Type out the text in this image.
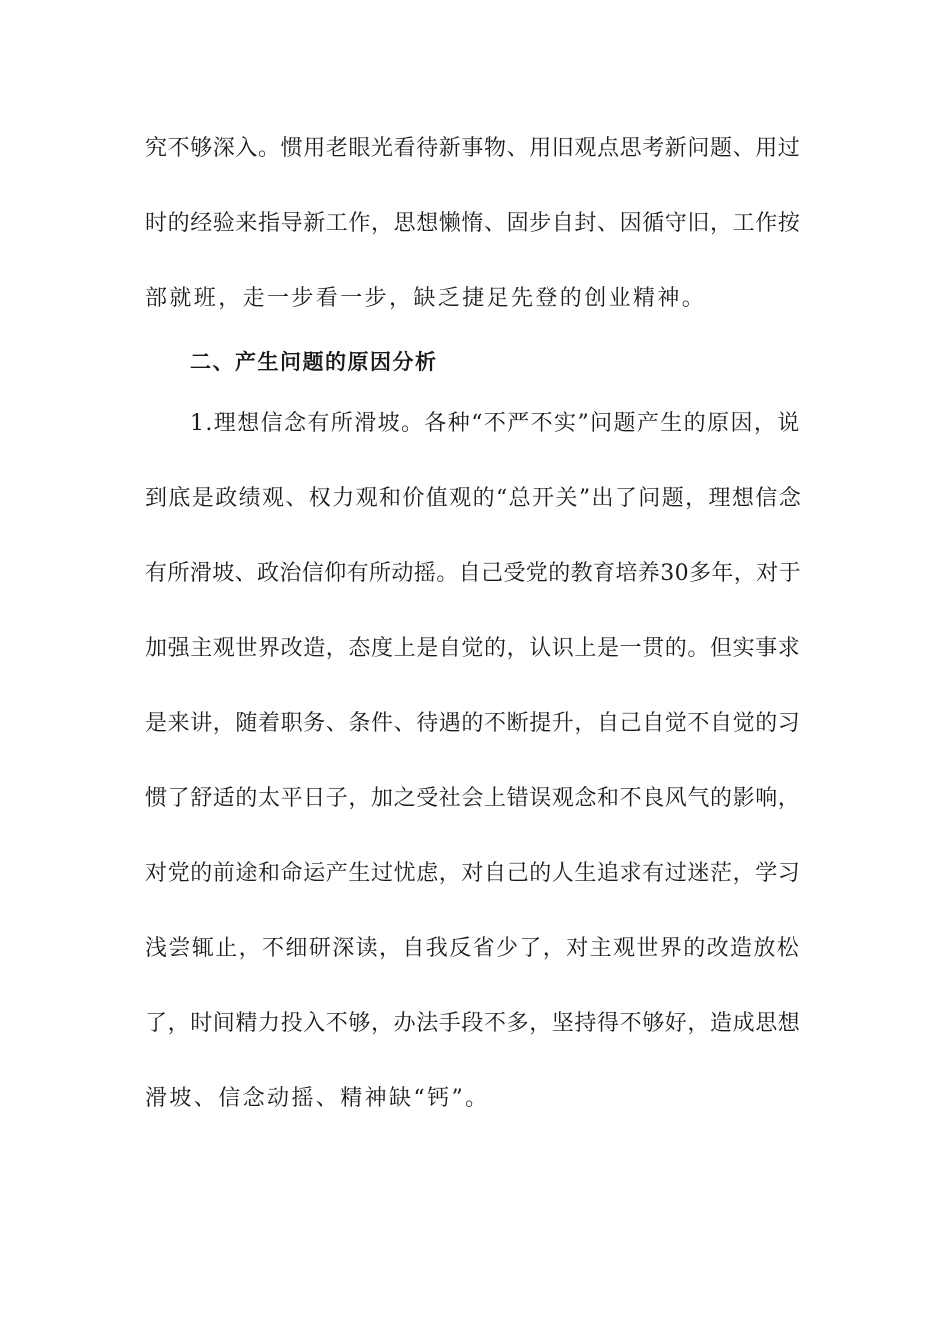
究不够深入。惯用老眼光看待新事物、用旧观点思考新问题、用过
时的经验来指导新工作，思想懒惰、固步自封、因循守旧，工作按
部就班，走一步看一步，缺乏捷足先登的创业精神。
二、产生问题的原因分析
1.理想信念有所滑坡。各种“不严不实”问题产生的原因，说
到底是政绩观、权力观和价值观的“总开关”出了问题，理想信念
有所滑坡、政治信仰有所动摇。自己受党的教育培养30多年，对于
加强主观世界改造，态度上是自觉的，认识上是一贯的。但实事求
是来讲，随着职务、条件、待遇的不断提升，自己自觉不自觉的习
惯了舒适的太平日子，加之受社会上错误观念和不良风气的影响，
对党的前途和命运产生过忧虑，对自己的人生追求有过迷茫，学习
浅尝辄止，不细研深读，自我反省少了，对主观世界的改造放松
了，时间精力投入不够，办法手段不多，坚持得不够好，造成思想
滑坡、信念动摇、精神缺“钙”。
